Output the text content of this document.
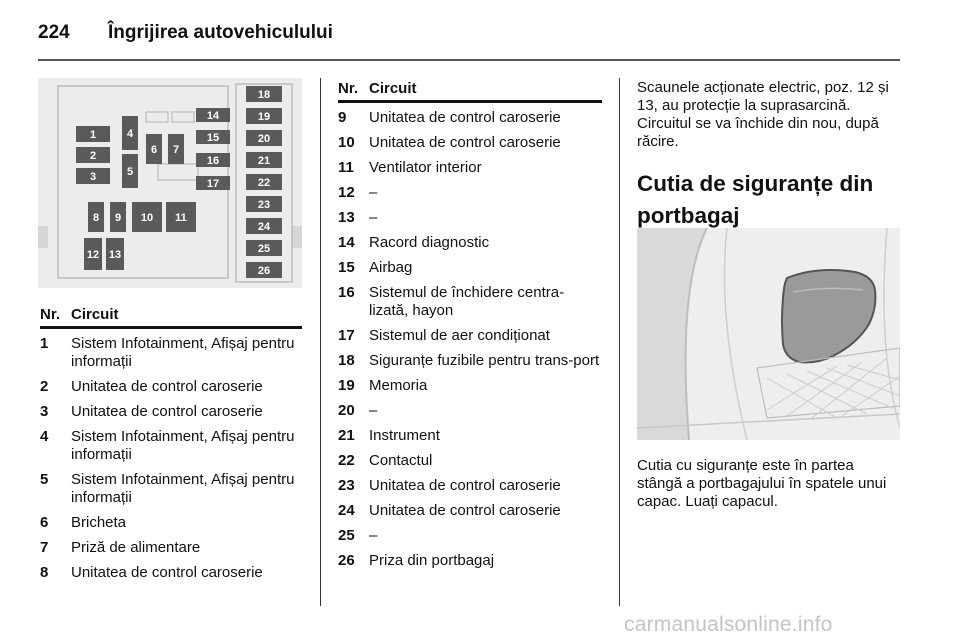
224 Îngrijirea autovehiculului
1
2
3
4
5
6 7
8 9 10 11
12 13
14
15
16
17
18
19
20
21
22
23
24
25
26
Nr. Circuit
1	Sistem Infotainment, Afișaj pentru informații
2	Unitatea de control caroserie
3	Unitatea de control caroserie
4	Sistem Infotainment, Afișaj pentru informații
5	Sistem Infotainment, Afișaj pentru informații
6	Bricheta
7	Priză de alimentare
8	Unitatea de control caroserie
Nr. Circuit
9	Unitatea de control caroserie
10 Unitatea de control caroserie
11	Ventilator interior
12 –
13 –
14 Racord diagnostic
15 Airbag
16 Sistemul de închidere centra-lizată, hayon
17 Sistemul de aer condiționat
18 Siguranțe fuzibile pentru trans-port
19 Memoria
20 –
21 Instrument
22 Contactul
23 Unitatea de control caroserie
24 Unitatea de control caroserie
25 –
26 Priza din portbagaj
Scaunele acționate electric, poz. 12 și 13, au protecție la suprasarcină. Circuitul se va închide din nou, după răcire.
Cutia de siguranțe din portbagaj
Cutia cu siguranțe este în partea stângă a portbagajului în spatele unui capac. Luați capacul.
carmanualsonline.info
